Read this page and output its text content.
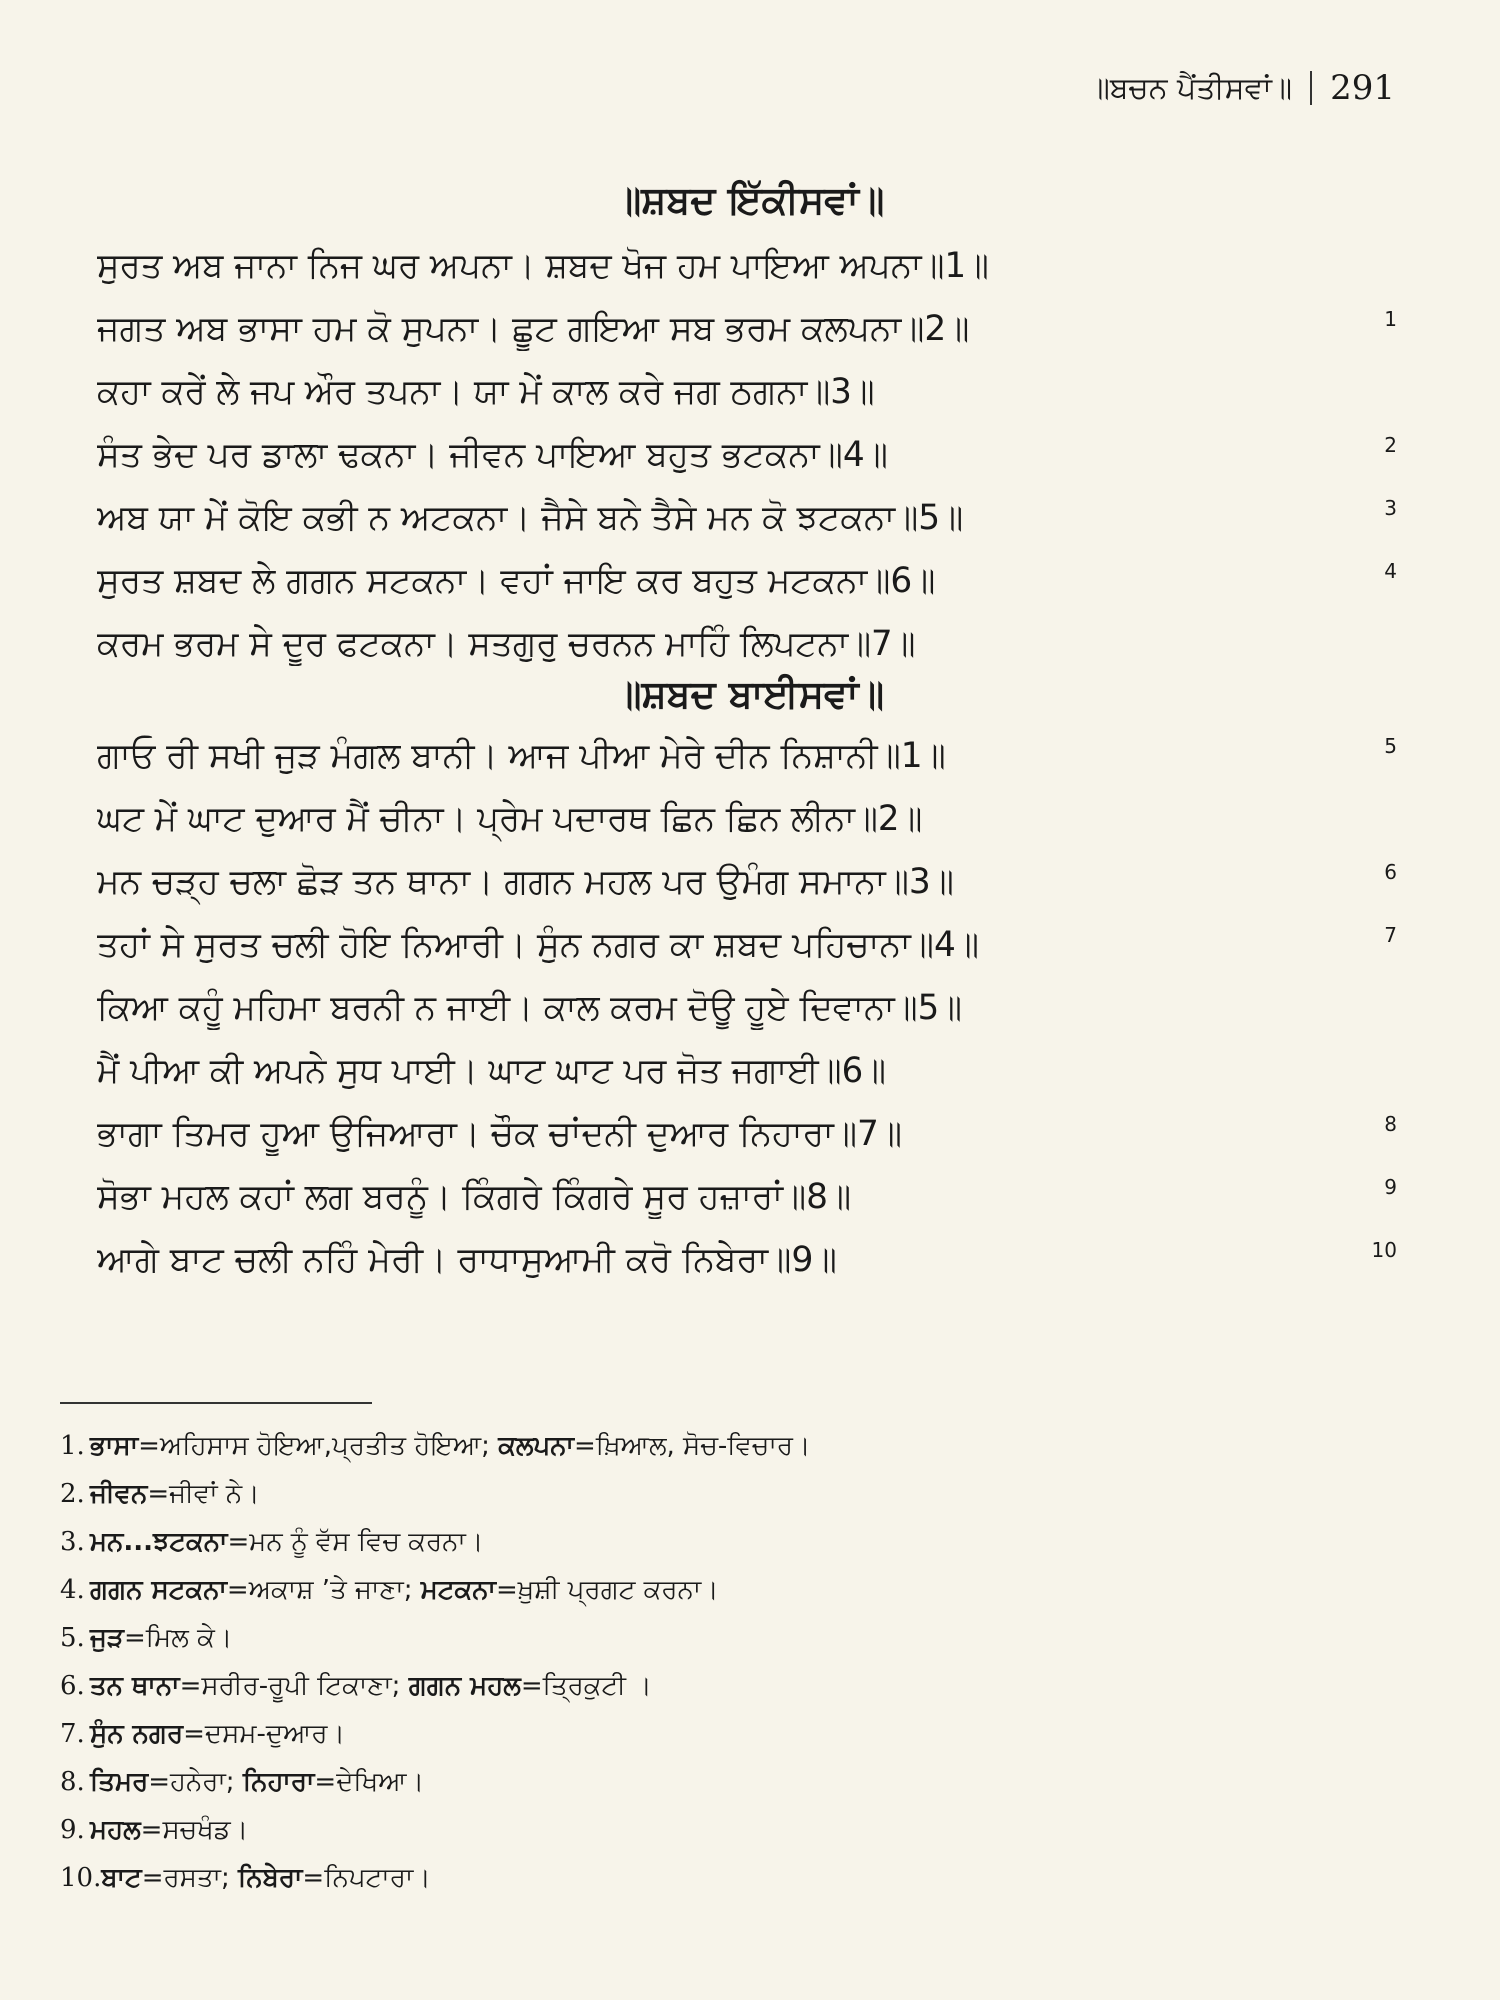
॥ਬਚਨ ਪੈਂਤੀਸਵਾਂ॥ 291
॥ਸ਼ਬਦ ਇੱਕੀਸਵਾਂ॥
ਸੁਰਤ ਅਬ ਜਾਨਾ ਨਿਜ ਘਰ ਅਪਨਾ। ਸ਼ਬਦ ਖੋਜ ਹਮ ਪਾਇਆ ਅਪਨਾ॥1॥
ਜਗਤ ਅਬ ਭਾਸਾ ਹਮ ਕੋ ਸੁਪਨਾ। ਛੂਟ ਗਇਆ ਸਬ ਭਰਮ ਕਲਪਨਾ॥2॥	$^1$
ਕਹਾ ਕਰੇਂ ਲੇ ਜਪ ਔਰ ਤਪਨਾ। ਯਾ ਮੇਂ ਕਾਲ ਕਰੇ ਜਗ ਠਗਨਾ॥3॥
ਸੰਤ ਭੇਦ ਪਰ ਡਾਲਾ ਢਕਨਾ। ਜੀਵਨ ਪਾਇਆ ਬਹੁਤ ਭਟਕਨਾ॥4॥	$^2$
ਅਬ ਯਾ ਮੇਂ ਕੋਇ ਕਭੀ ਨ ਅਟਕਨਾ। ਜੈਸੇ ਬਨੇ ਤੈਸੇ ਮਨ ਕੋ ਝਟਕਨਾ॥5॥	$^3$
ਸੁਰਤ ਸ਼ਬਦ ਲੇ ਗਗਨ ਸਟਕਨਾ। ਵਹਾਂ ਜਾਇ ਕਰ ਬਹੁਤ ਮਟਕਨਾ॥6॥	$^4$
ਕਰਮ ਭਰਮ ਸੇ ਦੂਰ ਫਟਕਨਾ। ਸਤਗੁਰੁ ਚਰਨਨ ਮਾਹਿੰ ਲਿਪਟਨਾ॥7॥
॥ਸ਼ਬਦ ਬਾਈਸਵਾਂ॥
ਗਾਓ ਰੀ ਸਖੀ ਜੁੜ ਮੰਗਲ ਬਾਨੀ। ਆਜ ਪੀਆ ਮੇਰੇ ਦੀਨ ਨਿਸ਼ਾਨੀ॥1॥	$^5$
ਘਟ ਮੇਂ ਘਾਟ ਦੁਆਰ ਮੈਂ ਚੀਨਾ। ਪ੍ਰੇਮ ਪਦਾਰਥ ਛਿਨ ਛਿਨ ਲੀਨਾ॥2॥
ਮਨ ਚੜ੍ਹ ਚਲਾ ਛੋੜ ਤਨ ਥਾਨਾ। ਗਗਨ ਮਹਲ ਪਰ ਉਮੰਗ ਸਮਾਨਾ॥3॥	$^6$
ਤਹਾਂ ਸੇ ਸੁਰਤ ਚਲੀ ਹੋਇ ਨਿਆਰੀ। ਸੁੰਨ ਨਗਰ ਕਾ ਸ਼ਬਦ ਪਹਿਚਾਨਾ॥4॥	$^7$
ਕਿਆ ਕਹੂੰ ਮਹਿਮਾ ਬਰਨੀ ਨ ਜਾਈ। ਕਾਲ ਕਰਮ ਦੋਊ ਹੂਏ ਦਿਵਾਨਾ॥5॥
ਮੈਂ ਪੀਆ ਕੀ ਅਪਨੇ ਸੁਧ ਪਾਈ। ਘਾਟ ਘਾਟ ਪਰ ਜੋਤ ਜਗਾਈ॥6॥
ਭਾਗਾ ਤਿਮਰ ਹੂਆ ਉਜਿਆਰਾ। ਚੌਕ ਚਾਂਦਨੀ ਦੁਆਰ ਨਿਹਾਰਾ॥7॥	$^8$
ਸੋਭਾ ਮਹਲ ਕਹਾਂ ਲਗ ਬਰਨੂੰ। ਕਿੰਗਰੇ ਕਿੰਗਰੇ ਸੂਰ ਹਜ਼ਾਰਾਂ॥8॥	$^9$
ਆਗੇ ਬਾਟ ਚਲੀ ਨਹਿੰ ਮੇਰੀ। ਰਾਧਾਸੁਆਮੀ ਕਰੋ ਨਿਬੇਰਾ॥9॥	$^{10}$
1. ਭਾਸਾ=ਅਹਿਸਾਸ ਹੋਇਆ,ਪ੍ਰਤੀਤ ਹੋਇਆ; ਕਲਪਨਾ=ਖ਼ਿਆਲ, ਸੋਚ-ਵਿਚਾਰ।
2. ਜੀਵਨ=ਜੀਵਾਂ ਨੇ।
3. ਮਨ...ਝਟਕਨਾ=ਮਨ ਨੂੰ ਵੱਸ ਵਿਚ ਕਰਨਾ।
4. ਗਗਨ ਸਟਕਨਾ=ਅਕਾਸ਼ ’ਤੇ ਜਾਣਾ; ਮਟਕਨਾ=ਖ਼ੁਸ਼ੀ ਪ੍ਰਗਟ ਕਰਨਾ।
5. ਜੁੜ=ਮਿਲ ਕੇ।
6. ਤਨ ਥਾਨਾ=ਸਰੀਰ-ਰੂਪੀ ਟਿਕਾਣਾ; ਗਗਨ ਮਹਲ=ਤ੍ਰਿਕੁਟੀ ।
7. ਸੁੰਨ ਨਗਰ=ਦਸਮ-ਦੁਆਰ।
8. ਤਿਮਰ=ਹਨੇਰਾ; ਨਿਹਾਰਾ=ਦੇਖਿਆ।
9. ਮਹਲ=ਸਚਖੰਡ।
10.ਬਾਟ=ਰਸਤਾ; ਨਿਬੇਰਾ=ਨਿਪਟਾਰਾ।
